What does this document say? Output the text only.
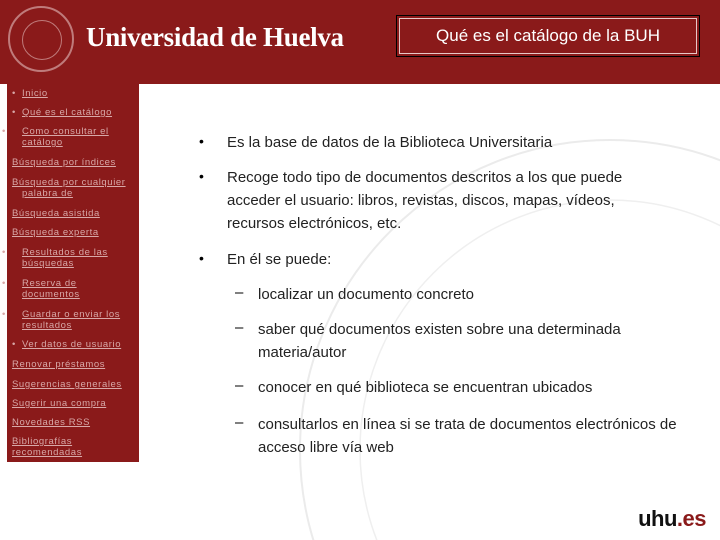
Universidad de Huelva	Qué es el catálogo de la BUH
• Inicio
• Qué es el catálogo
• Como consultar el catálogo
Búsqueda por índices
Búsqueda por cualquier palabra de
Búsqueda asistida
Búsqueda experta
• Resultados de las búsquedas
• Reserva de documentos
• Guardar o enviar los resultados
• Ver datos de usuario
Renovar préstamos
Sugerencias generales
Sugerir una compra
Novedades RSS
Bibliografías recomendadas
• Es la base de datos de la Biblioteca Universitaria
• Recoge todo tipo de documentos descritos a los que puede acceder el usuario: libros, revistas, discos, mapas, vídeos, recursos electrónicos, etc.
• En él se puede:
– localizar un documento concreto
– saber qué documentos existen sobre una determinada materia/autor
– conocer en qué biblioteca se encuentran ubicados
– consultarlos en línea si se trata de documentos electrónicos de acceso libre vía web
uhu.es
